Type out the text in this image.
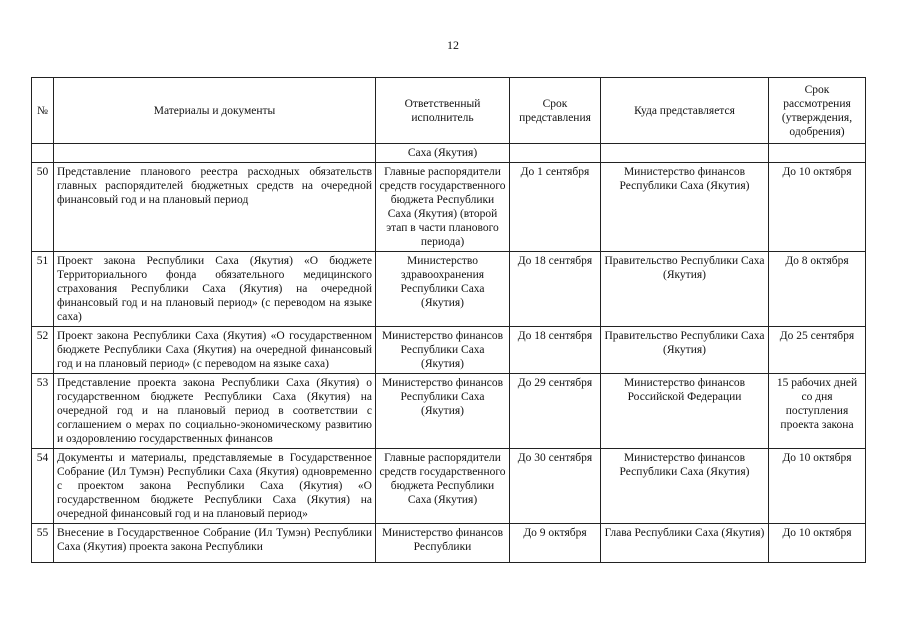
12
№	Материалы и документы	Ответственный исполнитель	Срок представления	Куда представляется	Срок рассмотрения (утверждения, одобрения)
		Саха (Якутия)			
50	Представление планового реестра расходных обязательств главных распорядителей бюджетных средств на очередной финансовый год и на плановый период	Главные распорядители средств государственного бюджета Республики Саха (Якутия) (второй этап в части планового периода)	До 1 сентября	Министерство финансов Республики Саха (Якутия)	До 10 октября
51	Проект закона Республики Саха (Якутия) «О бюджете Территориального фонда обязательного медицинского страхования Республики Саха (Якутия) на очередной финансовый год и на плановый период» (с переводом на языке саха)	Министерство здравоохранения Республики Саха (Якутия)	До 18 сентября	Правительство Республики Саха (Якутия)	До 8 октября
52	Проект закона Республики Саха (Якутия) «О государственном бюджете Республики Саха (Якутия) на очередной финансовый год и на плановый период» (с переводом на языке саха)	Министерство финансов Республики Саха (Якутия)	До 18 сентября	Правительство Республики Саха (Якутия)	До 25 сентября
53	Представление проекта закона Республики Саха (Якутия) о государственном бюджете Республики Саха (Якутия) на очередной год и на плановый период в соответствии с соглашением о мерах по социально-экономическому развитию и оздоровлению государственных финансов	Министерство финансов Республики Саха (Якутия)	До 29 сентября	Министерство финансов Российской Федерации	15 рабочих дней со дня поступления проекта закона
54	Документы и материалы, представляемые в Государственное Собрание (Ил Тумэн) Республики Саха (Якутия) одновременно с проектом закона Республики Саха (Якутия) «О государственном бюджете Республики Саха (Якутия) на очередной финансовый год и на плановый период»	Главные распорядители средств государственного бюджета Республики Саха (Якутия)	До 30 сентября	Министерство финансов Республики Саха (Якутия)	До 10 октября
55	Внесение в Государственное Собрание (Ил Тумэн) Республики Саха (Якутия) проекта закона Республики	Министерство финансов Республики	До 9 октября	Глава Республики Саха (Якутия)	До 10 октября
